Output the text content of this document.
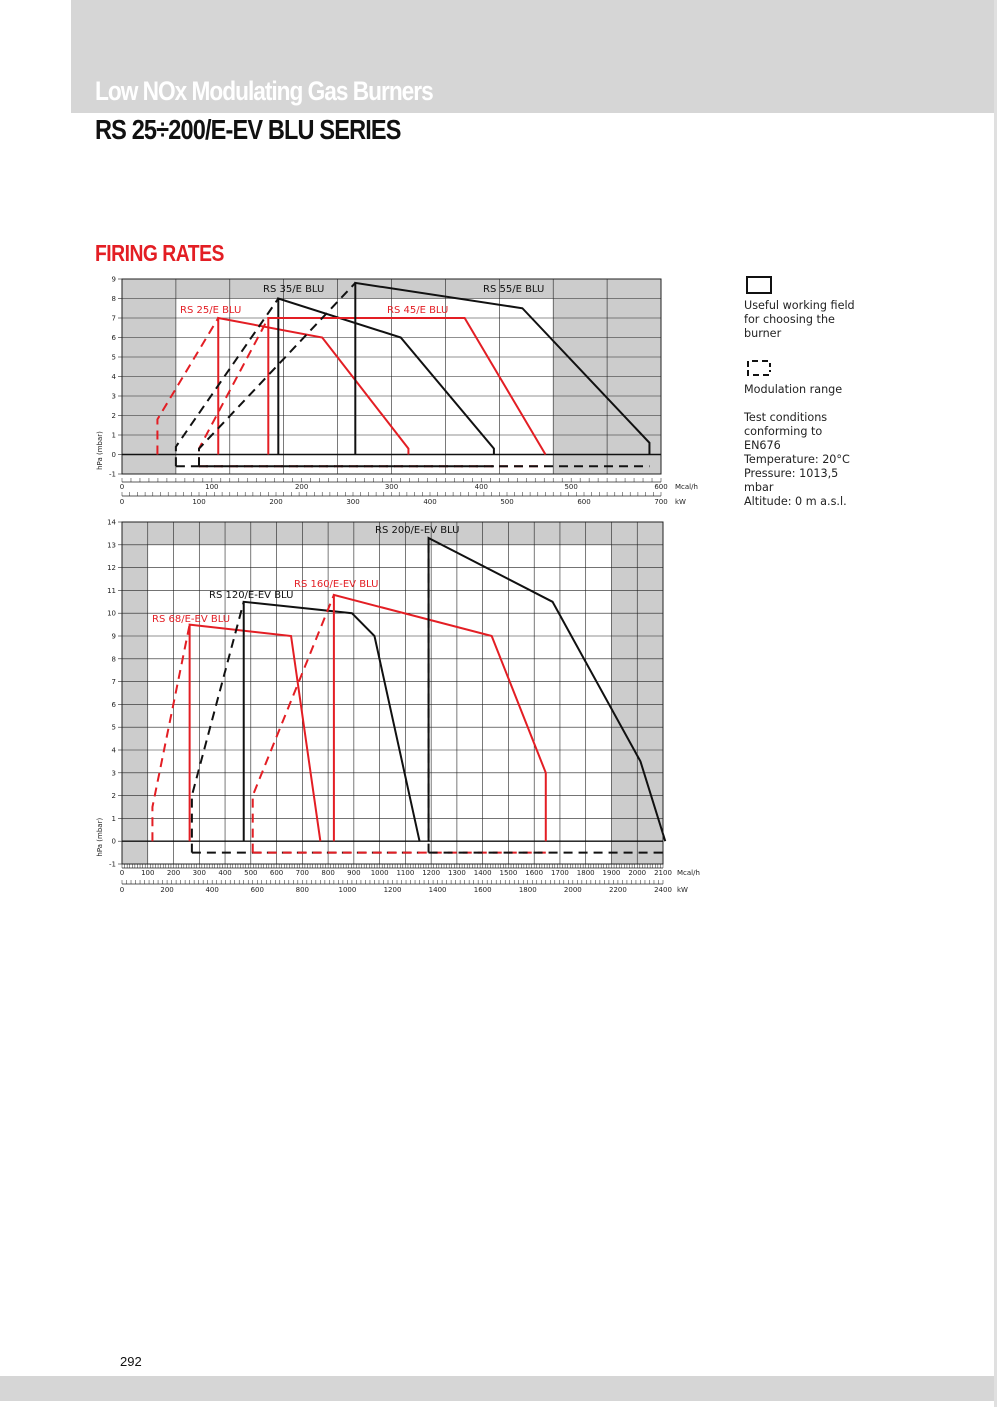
Low NOx Modulating Gas Burners
RS 25÷200/E-EV BLU SERIES
FIRING RATES
-1
0
1
2
3
4
5
6
7
8
9
hPa (mbar)
0	100	200	300	400	500	600 Mcal/h
0	100	200	300	400	500	600	700 kW
RS 25/E BLU
RS 35/E BLU
RS 45/E BLU
RS 55/E BLU
-1
0
1
2
3
4
5
6
7
8
9
10
11
12
13
14
hPa (mbar)
0 100 200 300 400 500 600 700 800 900 1000 1100 1200 1300 1400 1500 1600 1700 1800 1900 2000 2100 Mcal/h
0	200	400	600	800	1000	1200	1400	1600	1800	2000	2200	2400 kW
RS 68/E-EV BLU
RS 120/E-EV BLU
RS 160/E-EV BLU
RS 200/E-EV BLU
Useful working field for choosing the burner
Modulation range
Test conditions
conforming to
EN676
Temperature: 20°C
Pressure: 1013,5
mbar
Altitude: 0 m a.s.l.
292
